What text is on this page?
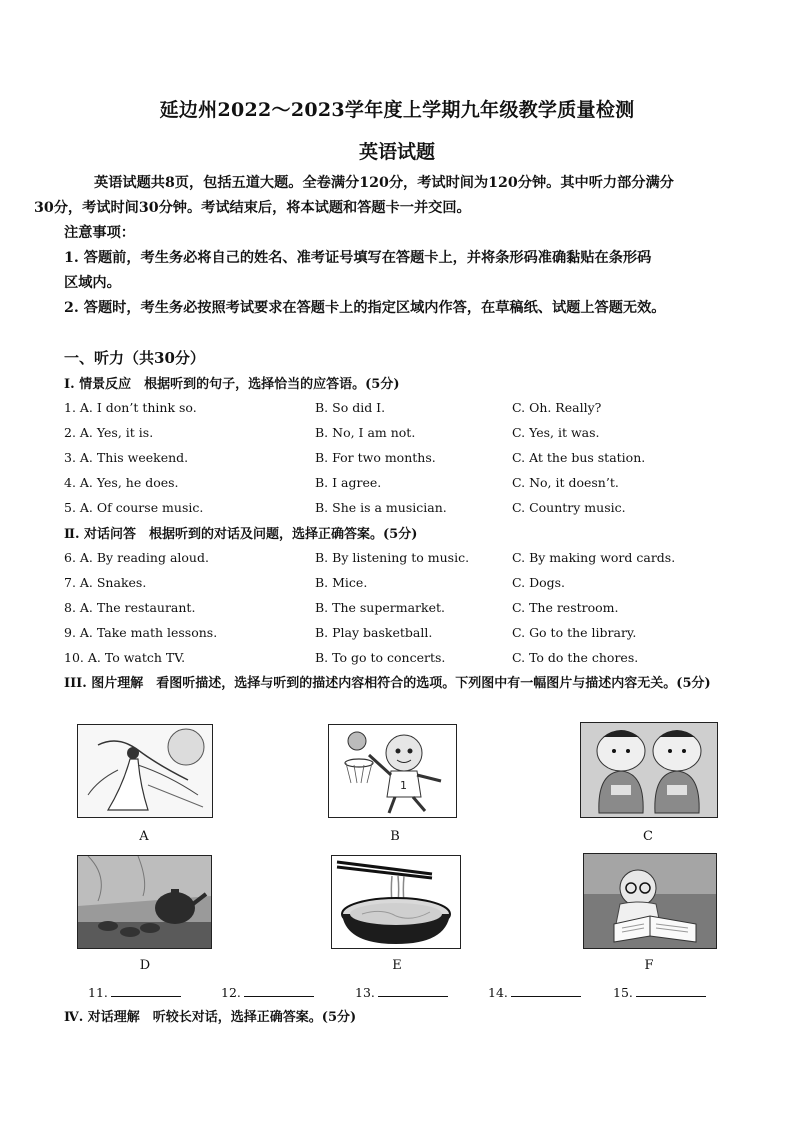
延边州2022～2023学年度上学期九年级教学质量检测
英语试题
英语试题共8页，包括五道大题。全卷满分120分，考试时间为120分钟。其中听力部分满分
30分，考试时间30分钟。考试结束后，将本试题和答题卡一并交回。
注意事项：
1. 答题前，考生务必将自己的姓名、准考证号填写在答题卡上，并将条形码准确黏贴在条形码
区域内。
2. 答题时，考生务必按照考试要求在答题卡上的指定区域内作答，在草稿纸、试题上答题无效。
一、听力（共30分）
Ⅰ. 情景反应　根据听到的句子，选择恰当的应答语。(5分)
1. A. I don’t think so.	B. So did I.	C. Oh. Really?
2. A. Yes, it is.	B. No, I am not.	C. Yes, it was.
3. A. This weekend.	B. For two months.	C. At the bus station.
4. A. Yes, he does.	B. I agree.	C. No, it doesn’t.
5. A. Of course music.	B. She is a musician.	C. Country music.
Ⅱ. 对话问答　根据听到的对话及问题，选择正确答案。(5分)
6. A. By reading aloud.	B. By listening to music.	C. By making word cards.
7. A. Snakes.	B. Mice.	C. Dogs.
8. A. The restaurant.	B. The supermarket.	C. The restroom.
9. A. Take math lessons.	B. Play basketball.	C. Go to the library.
10. A. To watch TV.	B. To go to concerts.	C. To do the chores.
III. 图片理解　看图听描述，选择与听到的描述内容相符合的选项。下列图中有一幅图片与描述内容无关。(5分)
A
1
B	C
D	E	F
11.	12.	13.	14.	15.
Ⅳ. 对话理解　听较长对话，选择正确答案。(5分)
